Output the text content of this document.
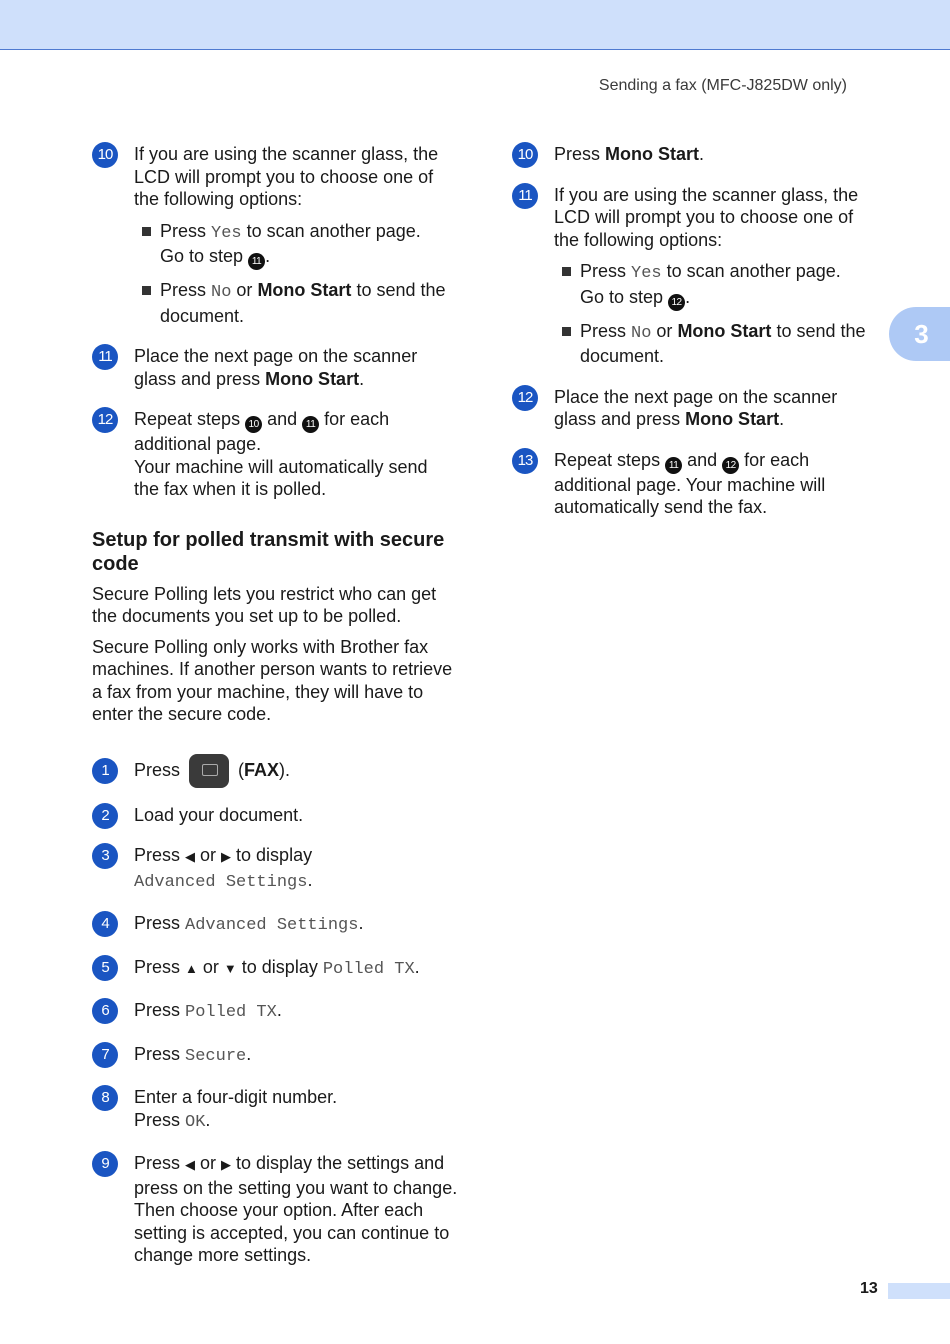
Sending a fax (MFC-J825DW only)
3
10	If you are using the scanner glass, the
LCD will prompt you to choose one of
the following options:
Press Yes to scan another page.
Go to step 11 .
Press No or Mono Start to send the
document.
11	Place the next page on the scanner
glass and press Mono Start.
12	Repeat steps 10 and 11 for each
additional page.
Your machine will automatically send
the fax when it is polled.
Setup for polled transmit with secure
code

Secure Polling lets you restrict who can get
the documents you set up to be polled.

Secure Polling only works with Brother fax
machines. If another person wants to retrieve
a fax from your machine, they will have to
enter the secure code.

1	Press	(FAX).
2	Load your document.
3	Press ◀ or ▶ to display
Advanced Settings.
4	Press Advanced Settings.
5	Press ▲ or ▼ to display Polled TX.
6	Press Polled TX.
7	Press Secure.
8	Enter a four-digit number.
Press OK.
9	Press ◀ or ▶ to display the settings and
press on the setting you want to change.
Then choose your option. After each
setting is accepted, you can continue to
change more settings.
10	Press Mono Start.
11	If you are using the scanner glass, the
LCD will prompt you to choose one of
the following options:
Press Yes to scan another page.
Go to step 12 .
Press No or Mono Start to send the
document.
12	Place the next page on the scanner
glass and press Mono Start.
13	Repeat steps 11 and 12 for each
additional page. Your machine will
automatically send the fax.
13
